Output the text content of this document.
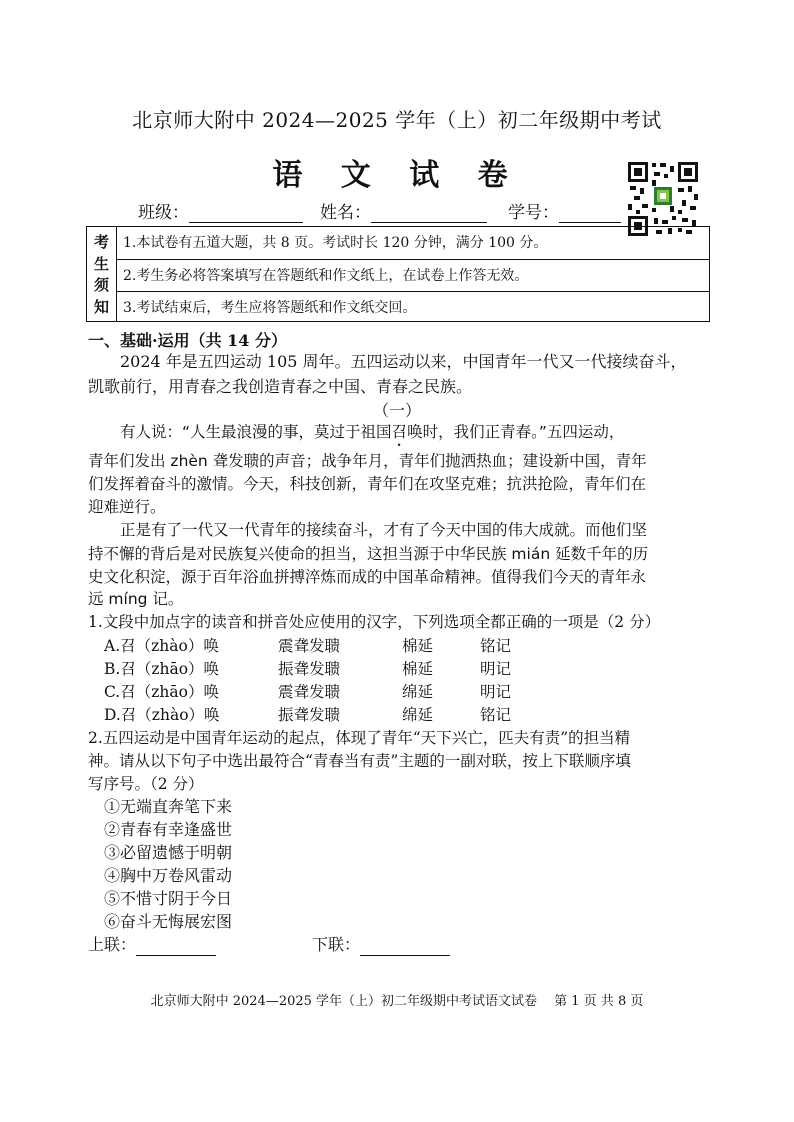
北京师大附中 2024—2025 学年（上）初二年级期中考试
语 文 试 卷
班级：	姓名：	学号：
考
生
须
知
1.本试卷有五道大题，共 8 页。考试时长 120 分钟，满分 100 分。
2.考生务必将答案填写在答题纸和作文纸上，在试卷上作答无效。
3.考试结束后，考生应将答题纸和作文纸交回。
一、基础·运用（共 14 分）
2024 年是五四运动 105 周年。五四运动以来，中国青年一代又一代接续奋斗，
凯歌前行，用青春之我创造青春之中国、青春之民族。
（一）
有人说：“人生最浪漫的事，莫过于祖国召唤时，我们正青春。”五四运动，
青年们发出 zhèn 聋发聩的声音；战争年月，青年们抛洒热血；建设新中国，青年
们发挥着奋斗的激情。今天，科技创新，青年们在攻坚克难；抗洪抢险，青年们在
迎难逆行。
正是有了一代又一代青年的接续奋斗，才有了今天中国的伟大成就。而他们坚
持不懈的背后是对民族复兴使命的担当，这担当源于中华民族 mián 延数千年的历
史文化积淀，源于百年浴血拼搏淬炼而成的中国革命精神。值得我们今天的青年永
远 míng 记。
1.文段中加点字的读音和拼音处应使用的汉字，下列选项全都正确的一项是（2 分）
A.召（zhào）唤	震聋发聩	棉延	铭记
B.召（zhāo）唤	振聋发聩	棉延	明记
C.召（zhāo）唤	震聋发聩	绵延	明记
D.召（zhào）唤	振聋发聩	绵延	铭记
2.五四运动是中国青年运动的起点，体现了青年“天下兴亡，匹夫有责”的担当精
神。请从以下句子中选出最符合“青春当有责”主题的一副对联，按上下联顺序填
写序号。（2 分）
①无端直奔笔下来
②青春有幸逢盛世
③必留遗憾于明朝
④胸中万卷风雷动
⑤不惜寸阴于今日
⑥奋斗无悔展宏图
上联：	下联：
北京师大附中 2024—2025 学年（上）初二年级期中考试语文试卷　 第 1 页 共 8 页
